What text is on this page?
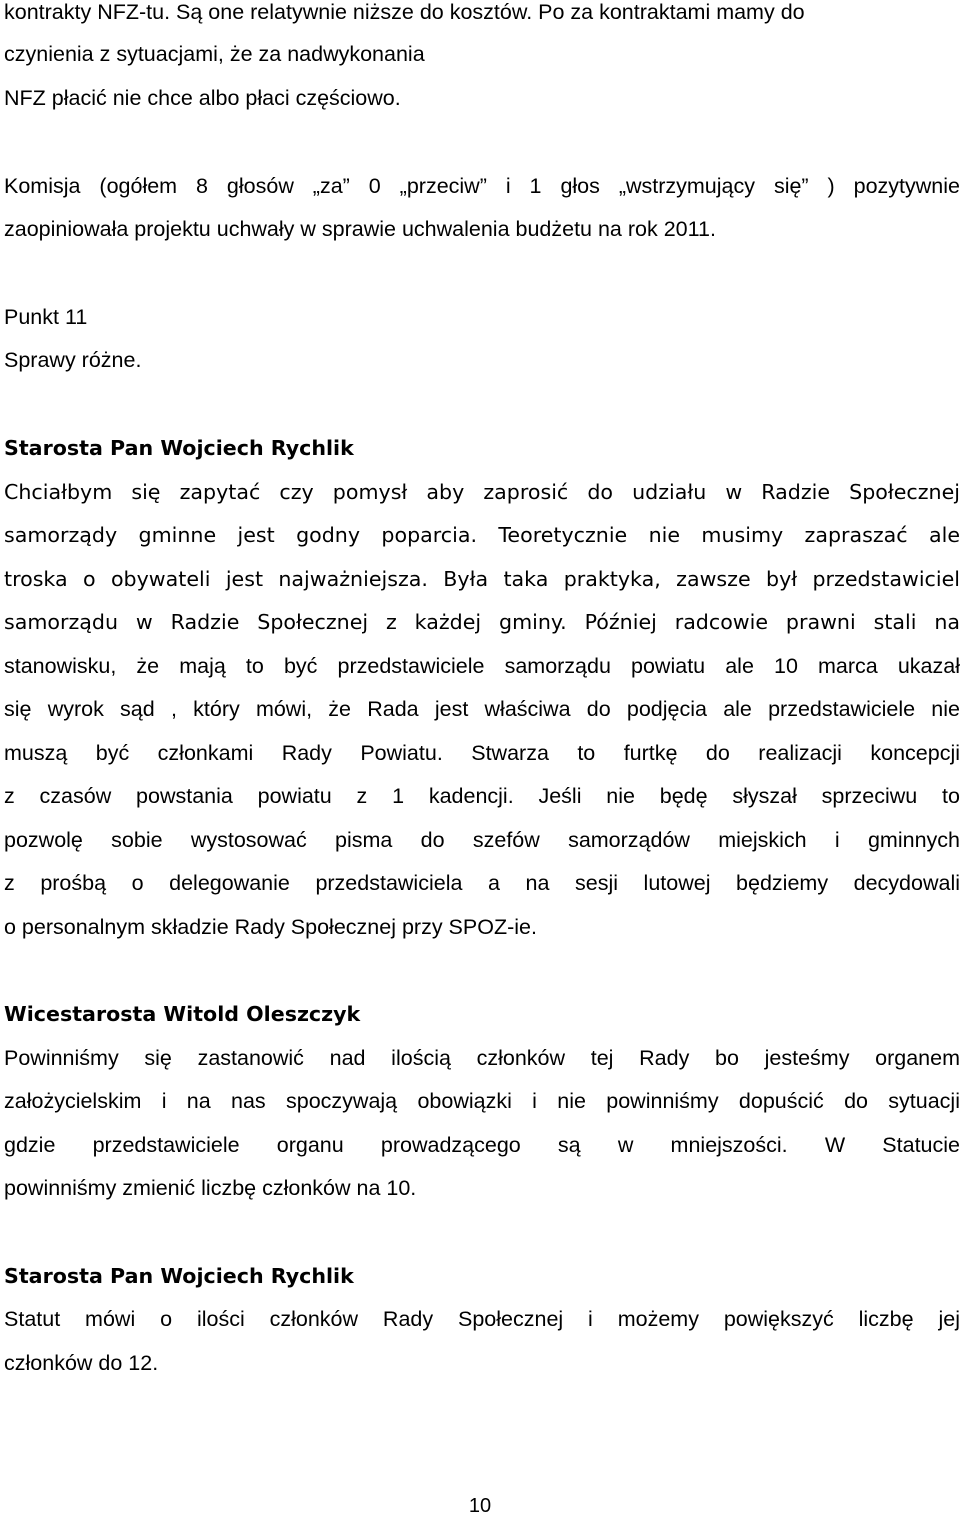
kontrakty NFZ-tu. Są one relatywnie niższe do kosztów. Po za kontraktami mamy do
czynienia z sytuacjami, że za nadwykonania
NFZ płacić nie chce albo płaci częściowo.
Komisja (ogółem 8 głosów „za” 0 „przeciw” i 1 głos „wstrzymujący się” ) pozytywnie
zaopiniowała projektu uchwały w sprawie uchwalenia budżetu na rok 2011.
Punkt 11
Sprawy różne.
Starosta Pan Wojciech Rychlik
Chciałbym się zapytać czy pomysł aby zaprosić do udziału w Radzie Społecznej
samorządy gminne jest godny poparcia. Teoretycznie nie musimy zapraszać ale
troska o obywateli jest najważniejsza. Była taka praktyka, zawsze był przedstawiciel
samorządu w Radzie Społecznej z każdej gminy. Później radcowie prawni stali na
stanowisku, że mają to być przedstawiciele samorządu powiatu ale 10 marca ukazał
się wyrok sąd , który mówi, że Rada jest właściwa do podjęcia ale przedstawiciele nie
muszą być członkami Rady Powiatu. Stwarza to furtkę do realizacji koncepcji
z czasów powstania powiatu z 1 kadencji. Jeśli nie będę słyszał sprzeciwu to
pozwolę sobie wystosować pisma do szefów samorządów miejskich i gminnych
z prośbą o delegowanie przedstawiciela a na sesji lutowej będziemy decydowali
o personalnym składzie Rady Społecznej przy SPOZ-ie.
Wicestarosta Witold Oleszczyk
Powinniśmy się zastanowić nad ilością członków tej Rady bo jesteśmy organem
założycielskim i na nas spoczywają obowiązki i nie powinniśmy dopuścić do sytuacji
gdzie przedstawiciele organu prowadzącego są w mniejszości. W Statucie
powinniśmy zmienić liczbę członków na 10.
Starosta Pan Wojciech Rychlik
Statut mówi o ilości członków Rady Społecznej i możemy powiększyć liczbę jej
członków do 12.
10
